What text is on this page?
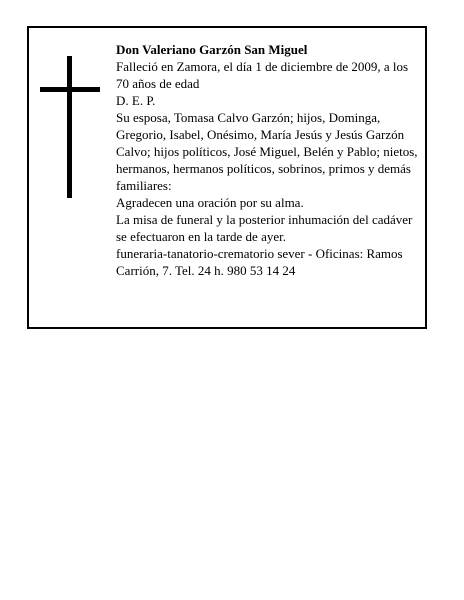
Don Valeriano Garzón San Miguel

Falleció en Zamora, el día 1 de diciembre de 2009, a los 70 años de edad

D. E. P.

Su esposa, Tomasa Calvo Garzón; hijos, Dominga, Gregorio, Isabel, Onésimo, María Jesús y Jesús Garzón Calvo; hijos políticos, José Miguel, Belén y Pablo; nietos, hermanos, hermanos políticos, sobrinos, primos y demás familiares:

Agradecen una oración por su alma.

La misa de funeral y la posterior inhumación del cadáver se efectuaron en la tarde de ayer.

funeraria-tanatorio-crematorio sever - Oficinas: Ramos Carrión, 7. Tel. 24 h. 980 53 14 24
